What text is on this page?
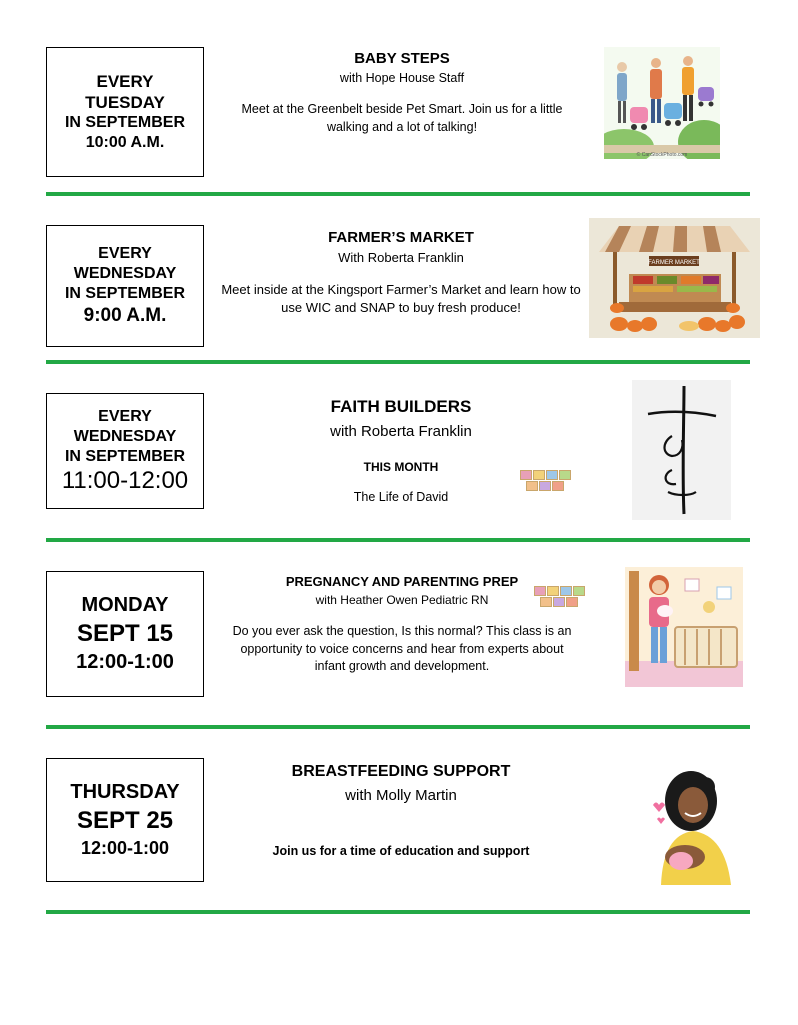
EVERY
TUESDAY
IN SEPTEMBER
10:00 A.M.

BABY STEPS

with Hope House Staff

Meet at the Greenbelt beside Pet Smart. Join us for a little walking and a lot of talking!

© CanStockPhoto.com
EVERY
WEDNESDAY
IN SEPTEMBER
9:00 A.M.

FARMER’S MARKET

With Roberta Franklin

Meet inside at the Kingsport Farmer’s Market and learn how to use WIC and SNAP to buy fresh produce!

FARMER MARKET
EVERY
WEDNESDAY
IN SEPTEMBER
11:00-12:00

FAITH BUILDERS

with Roberta Franklin

THIS MONTH

The Life of David

MONDAY
SEPT 15
12:00-1:00

PREGNANCY AND PARENTING PREP

with Heather Owen Pediatric RN

Do you ever ask the question, Is this normal? This class is an opportunity to voice concerns and hear from experts about infant growth and development.

THURSDAY
SEPT 25
12:00-1:00

BREASTFEEDING SUPPORT

with Molly Martin

Join us for a time of education and support
